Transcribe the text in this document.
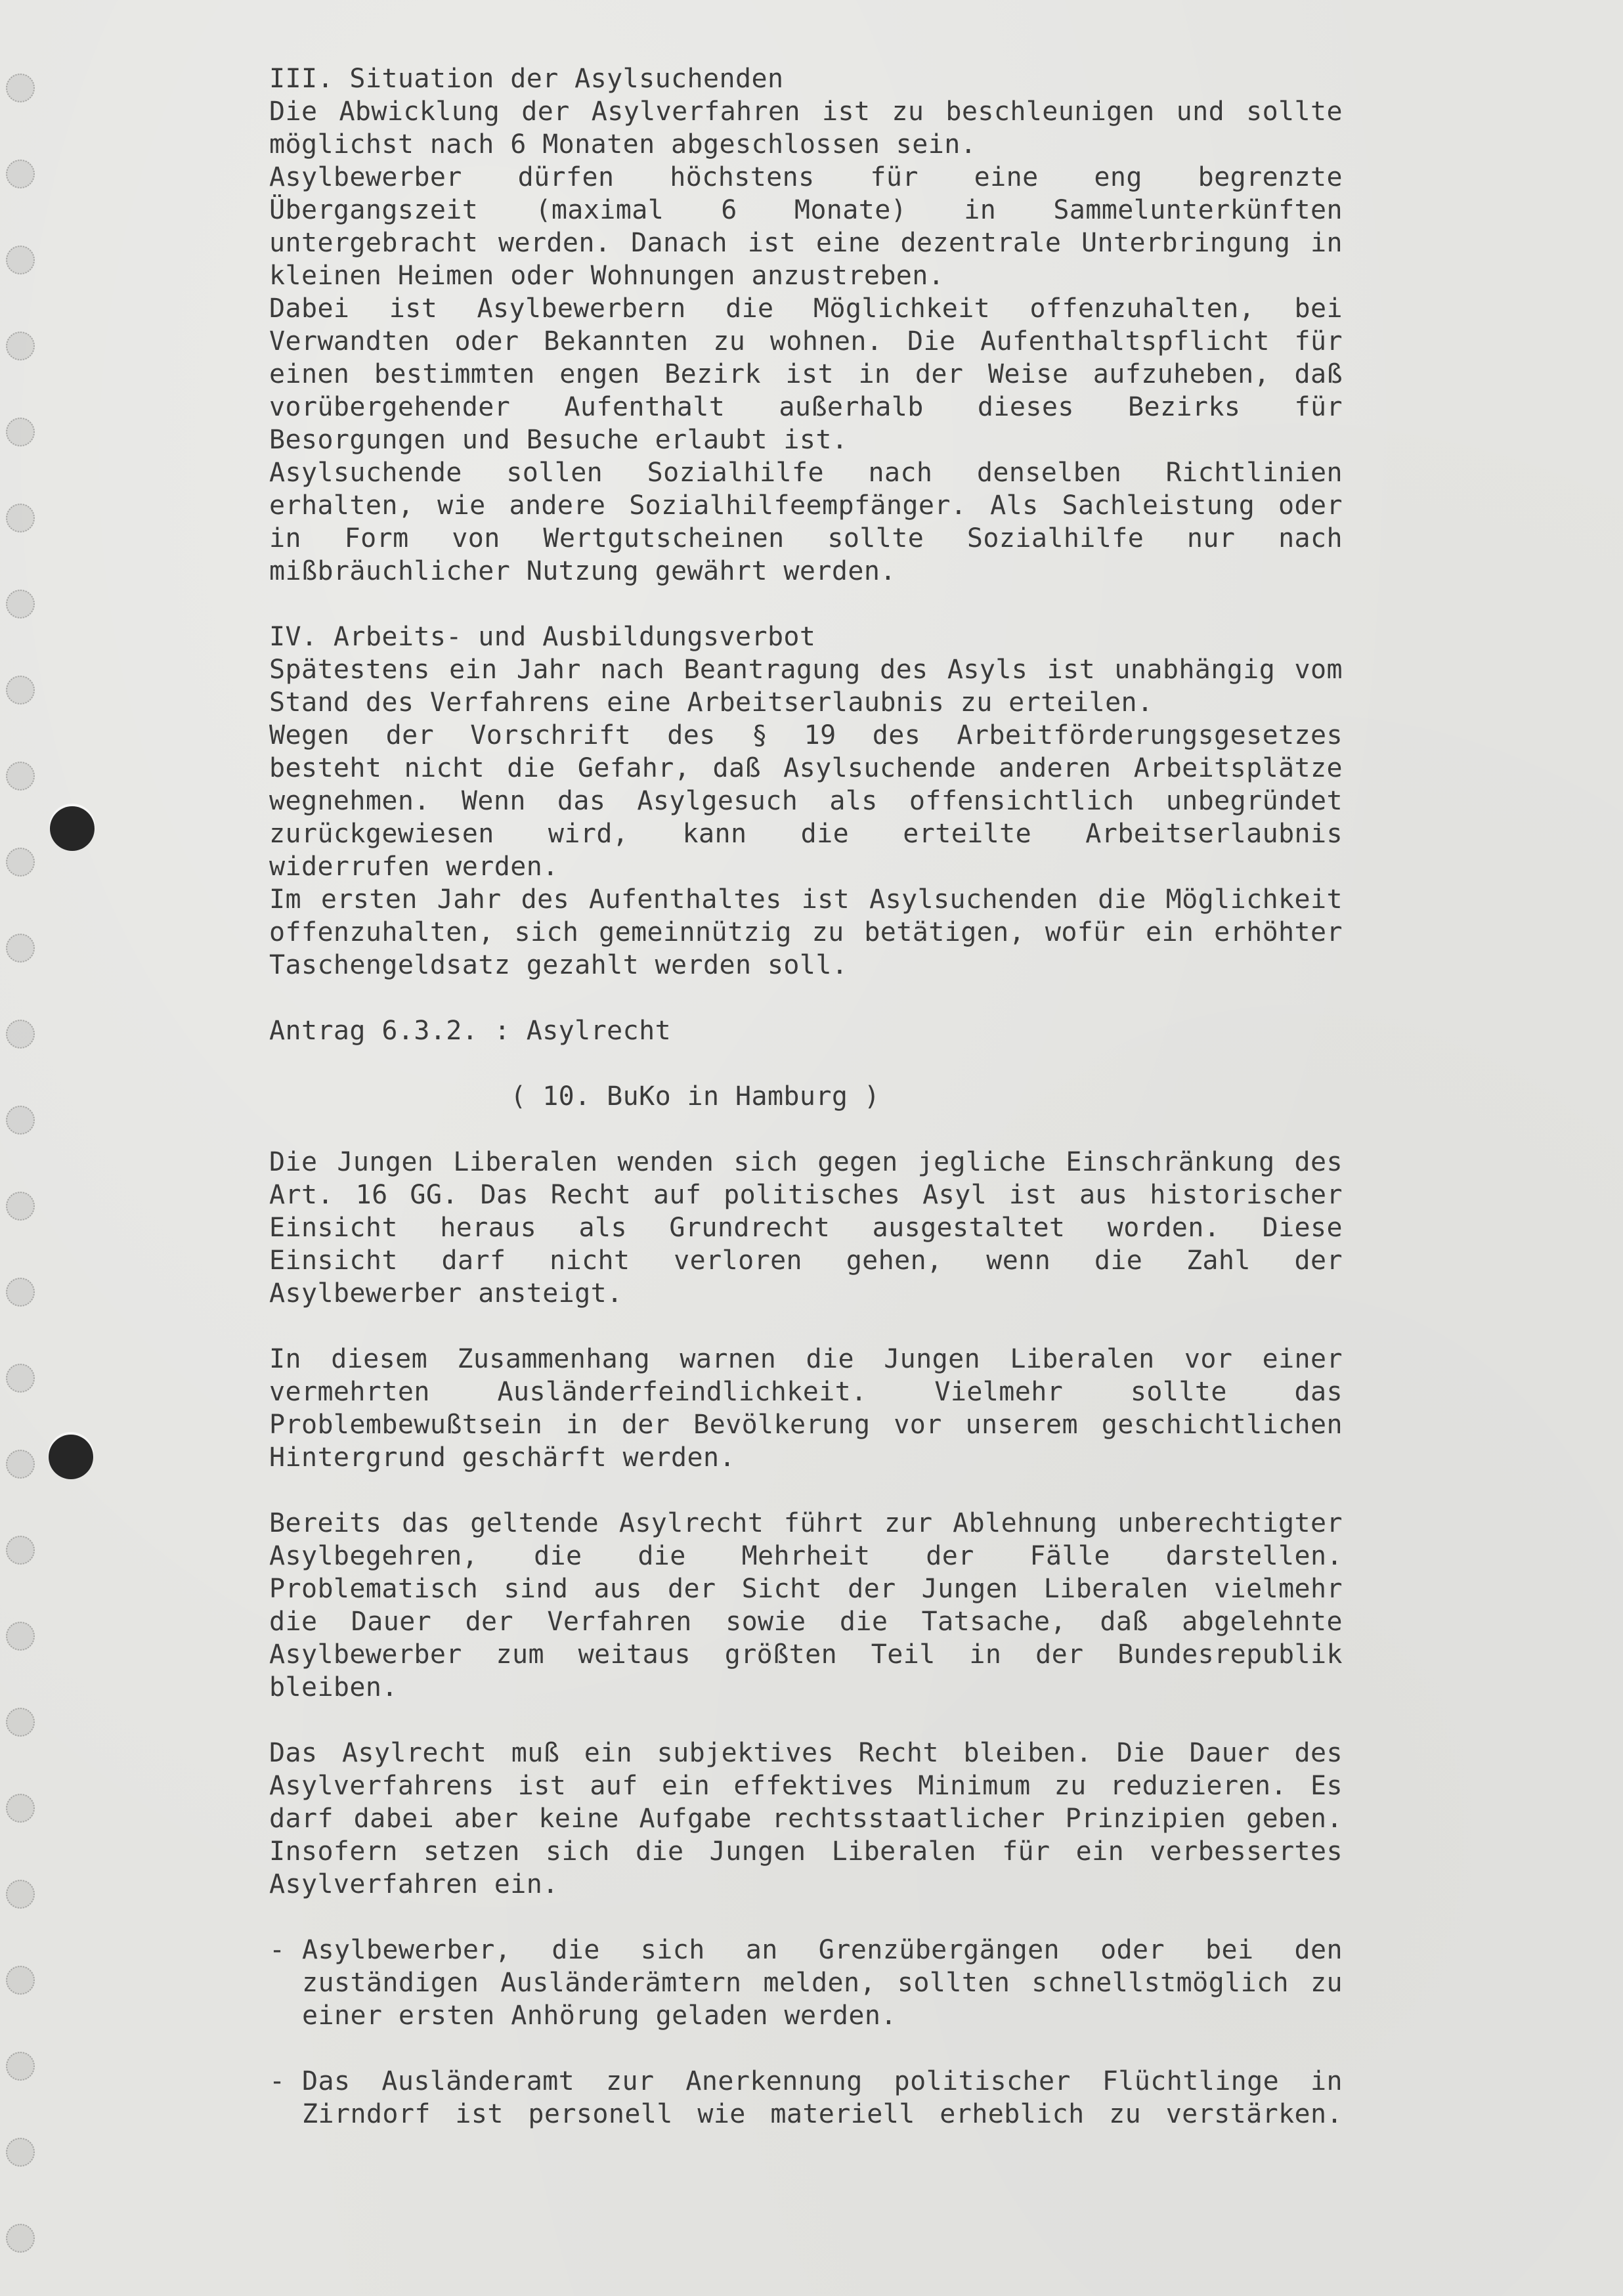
III. Situation der Asylsuchenden
Die Abwicklung der Asylverfahren ist zu beschleunigen und sollte
möglichst nach 6 Monaten abgeschlossen sein.
Asylbewerber dürfen höchstens für eine eng begrenzte
Übergangszeit (maximal 6 Monate) in Sammelunterkünften
untergebracht werden. Danach ist eine dezentrale Unterbringung in
kleinen Heimen oder Wohnungen anzustreben.
Dabei ist Asylbewerbern die Möglichkeit offenzuhalten, bei
Verwandten oder Bekannten zu wohnen. Die Aufenthaltspflicht für
einen bestimmten engen Bezirk ist in der Weise aufzuheben, daß
vorübergehender Aufenthalt außerhalb dieses Bezirks für
Besorgungen und Besuche erlaubt ist.
Asylsuchende sollen Sozialhilfe nach denselben Richtlinien
erhalten, wie andere Sozialhilfeempfänger. Als Sachleistung oder
in Form von Wertgutscheinen sollte Sozialhilfe nur nach
mißbräuchlicher Nutzung gewährt werden.
IV. Arbeits- und Ausbildungsverbot
Spätestens ein Jahr nach Beantragung des Asyls ist unabhängig vom
Stand des Verfahrens eine Arbeitserlaubnis zu erteilen.
Wegen der Vorschrift des § 19 des Arbeitförderungsgesetzes
besteht nicht die Gefahr, daß Asylsuchende anderen Arbeitsplätze
wegnehmen. Wenn das Asylgesuch als offensichtlich unbegründet
zurückgewiesen wird, kann die erteilte Arbeitserlaubnis
widerrufen werden.
Im ersten Jahr des Aufenthaltes ist Asylsuchenden die Möglichkeit
offenzuhalten, sich gemeinnützig zu betätigen, wofür ein erhöhter
Taschengeldsatz gezahlt werden soll.
Antrag 6.3.2. : Asylrecht
( 10. BuKo in Hamburg )
Die Jungen Liberalen wenden sich gegen jegliche Einschränkung des
Art. 16 GG. Das Recht auf politisches Asyl ist aus historischer
Einsicht heraus als Grundrecht ausgestaltet worden. Diese
Einsicht darf nicht verloren gehen, wenn die Zahl der
Asylbewerber ansteigt.
In diesem Zusammenhang warnen die Jungen Liberalen vor einer
vermehrten Ausländerfeindlichkeit. Vielmehr sollte das
Problembewußtsein in der Bevölkerung vor unserem geschichtlichen
Hintergrund geschärft werden.
Bereits das geltende Asylrecht führt zur Ablehnung unberechtigter
Asylbegehren, die die Mehrheit der Fälle darstellen.
Problematisch sind aus der Sicht der Jungen Liberalen vielmehr
die Dauer der Verfahren sowie die Tatsache, daß abgelehnte
Asylbewerber zum weitaus größten Teil in der Bundesrepublik
bleiben.
Das Asylrecht muß ein subjektives Recht bleiben. Die Dauer des
Asylverfahrens ist auf ein effektives Minimum zu reduzieren. Es
darf dabei aber keine Aufgabe rechtsstaatlicher Prinzipien geben.
Insofern setzen sich die Jungen Liberalen für ein verbessertes
Asylverfahren ein.
- Asylbewerber, die sich an Grenzübergängen oder bei den
zuständigen Ausländerämtern melden, sollten schnellstmöglich zu
einer ersten Anhörung geladen werden.
- Das Ausländeramt zur Anerkennung politischer Flüchtlinge in
Zirndorf ist personell wie materiell erheblich zu verstärken.
